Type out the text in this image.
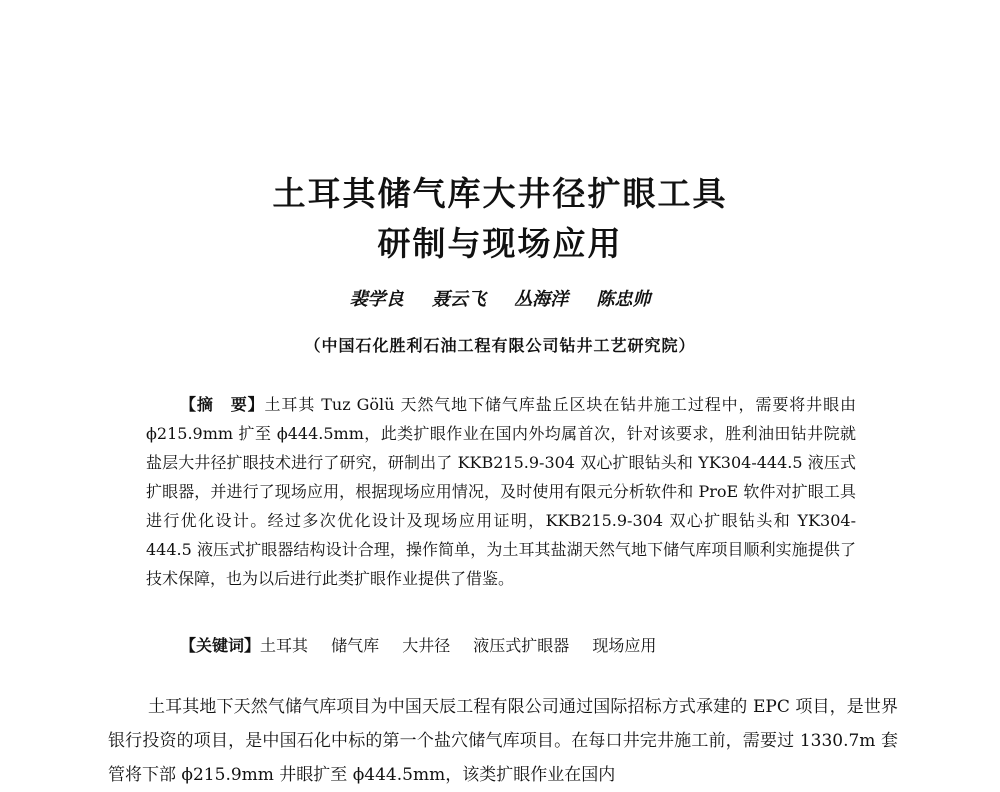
土耳其储气库大井径扩眼工具
研制与现场应用
裴学良 聂云飞 丛海洋 陈忠帅
（中国石化胜利石油工程有限公司钻井工艺研究院）
【摘　要】土耳其 Tuz Gölü 天然气地下储气库盐丘区块在钻井施工过程中，需要将井眼由 ϕ215.9mm 扩至 ϕ444.5mm，此类扩眼作业在国内外均属首次，针对该要求，胜利油田钻井院就盐层大井径扩眼技术进行了研究，研制出了 KKB215.9-304 双心扩眼钻头和 YK304-444.5 液压式扩眼器，并进行了现场应用，根据现场应用情况，及时使用有限元分析软件和 ProE 软件对扩眼工具进行优化设计。经过多次优化设计及现场应用证明，KKB215.9-304 双心扩眼钻头和 YK304-444.5 液压式扩眼器结构设计合理，操作简单，为土耳其盐湖天然气地下储气库项目顺利实施提供了技术保障，也为以后进行此类扩眼作业提供了借鉴。
【关键词】土耳其 储气库 大井径 液压式扩眼器 现场应用

土耳其地下天然气储气库项目为中国天辰工程有限公司通过国际招标方式承建的 EPC 项目，是世界银行投资的项目，是中国石化中标的第一个盐穴储气库项目。在每口井完井施工前，需要过 1330.7m 套管将下部 ϕ215.9mm 井眼扩至 ϕ444.5mm，该类扩眼作业在国内
